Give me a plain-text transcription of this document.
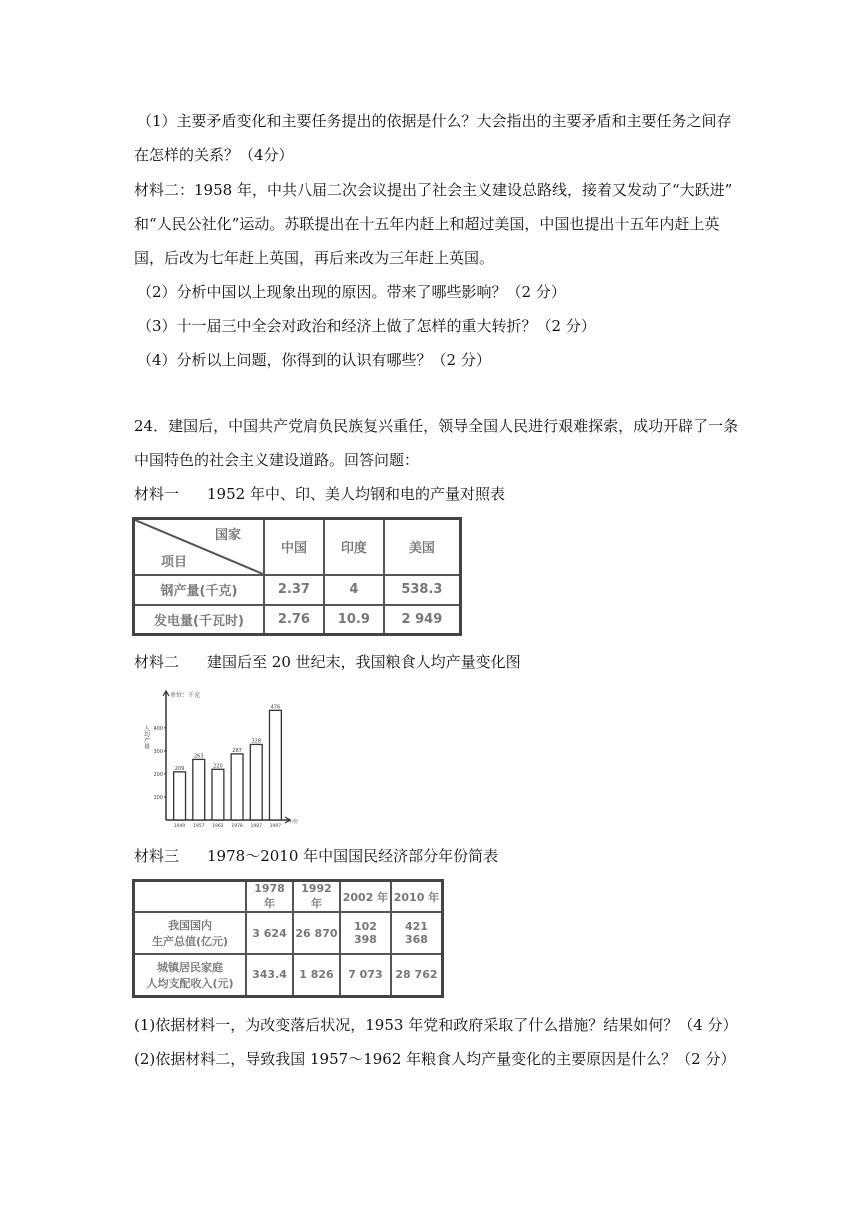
（1）主要矛盾变化和主要任务提出的依据是什么？大会指出的主要矛盾和主要任务之间存
在怎样的关系？（4分）
材料二：1958 年，中共八届二次会议提出了社会主义建设总路线，接着又发动了“大跃进”
和“人民公社化”运动。苏联提出在十五年内赶上和超过美国，中国也提出十五年内赶上英
国，后改为七年赶上英国，再后来改为三年赶上英国。
（2）分析中国以上现象出现的原因。带来了哪些影响？（2 分）
（3）十一届三中全会对政治和经济上做了怎样的重大转折？（2 分）
（4）分析以上问题，你得到的认识有哪些？（2 分）
24．建国后，中国共产党肩负民族复兴重任，领导全国人民进行艰难探索，成功开辟了一条
中国特色的社会主义建设道路。回答问题：
材料一 1952 年中、印、美人均钢和电的产量对照表
国家
项目	中国	印度	美国
钢产量(千克)	2.37	4	538.3
发电量(千瓦时)	2.76	10.9	2 949
材料二 建国后至 20 世纪末，我国粮食人均产量变化图
单位：千克
人均产量
年份
100
200
300
400
209
1949
263
1957
220
1962
287
1978
328
1987
476
1997
材料三 1978～2010 年中国国民经济部分年份简表
	1978 年	1992 年	2002 年	2010 年

我国国内
生产总值(亿元)	3 624	26 870	102 398	421 368

城镇居民家庭
人均支配收入(元)	343.4	1 826	7 073	28 762
(1)依据材料一，为改变落后状况，1953 年党和政府采取了什么措施？结果如何？（4 分）
(2)依据材料二，导致我国 1957～1962 年粮食人均产量变化的主要原因是什么？（2 分）
